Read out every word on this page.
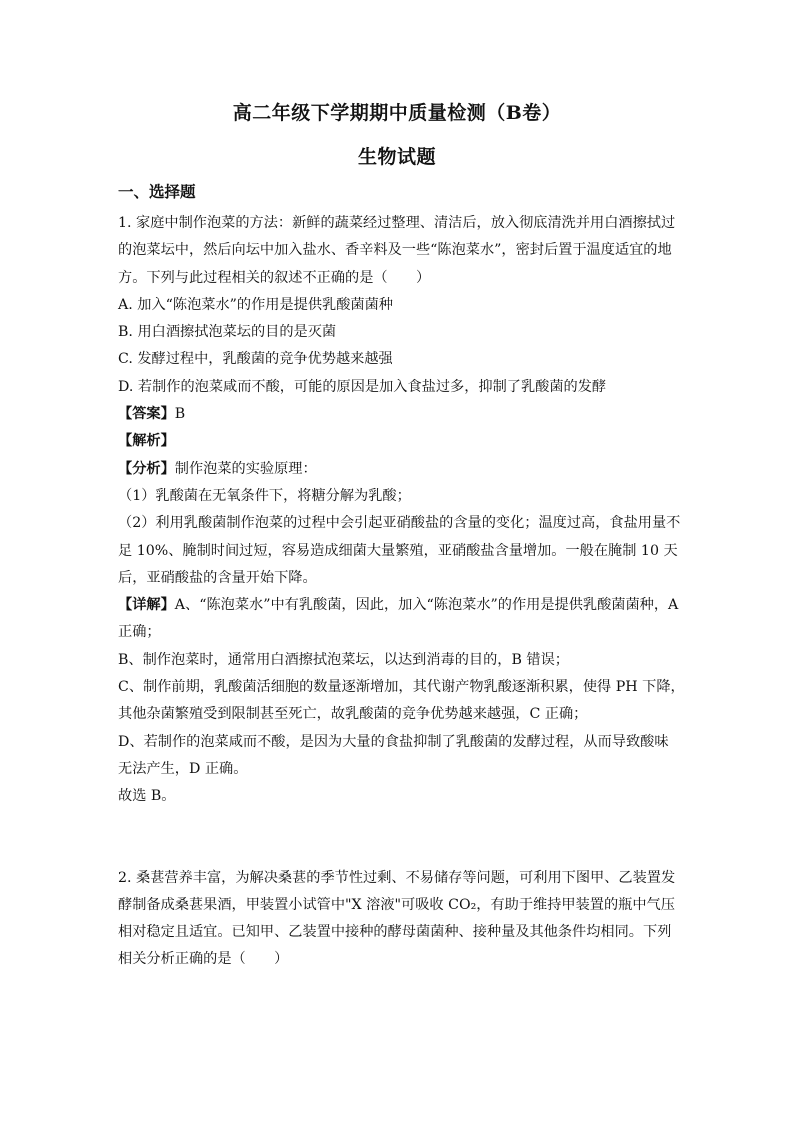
高二年级下学期期中质量检测（B卷）
生物试题
一、选择题

1. 家庭中制作泡菜的方法：新鲜的蔬菜经过整理、清洁后，放入彻底清洗并用白酒擦拭过

的泡菜坛中，然后向坛中加入盐水、香辛料及一些“陈泡菜水”，密封后置于温度适宜的地

方。下列与此过程相关的叙述不正确的是（　　）

A. 加入“陈泡菜水”的作用是提供乳酸菌菌种

B. 用白酒擦拭泡菜坛的目的是灭菌

C. 发酵过程中，乳酸菌的竞争优势越来越强

D. 若制作的泡菜咸而不酸，可能的原因是加入食盐过多，抑制了乳酸菌的发酵

【答案】B

【解析】

【分析】制作泡菜的实验原理：

（1）乳酸菌在无氧条件下，将糖分解为乳酸；

（2）利用乳酸菌制作泡菜的过程中会引起亚硝酸盐的含量的变化；温度过高，食盐用量不

足 10%、腌制时间过短，容易造成细菌大量繁殖，亚硝酸盐含量增加。一般在腌制 10 天

后，亚硝酸盐的含量开始下降。

【详解】A、“陈泡菜水”中有乳酸菌，因此，加入“陈泡菜水”的作用是提供乳酸菌菌种，A

正确；

B、制作泡菜时，通常用白酒擦拭泡菜坛，以达到消毒的目的，B 错误；

C、制作前期，乳酸菌活细胞的数量逐渐增加，其代谢产物乳酸逐渐积累，使得 PH 下降，

其他杂菌繁殖受到限制甚至死亡，故乳酸菌的竞争优势越来越强，C 正确；

D、若制作的泡菜咸而不酸，是因为大量的食盐抑制了乳酸菌的发酵过程，从而导致酸味

无法产生，D 正确。

故选 B。

2. 桑葚营养丰富，为解决桑葚的季节性过剩、不易储存等问题，可利用下图甲、乙装置发

酵制备成桑葚果酒，甲装置小试管中"X 溶液"可吸收 CO₂，有助于维持甲装置的瓶中气压

相对稳定且适宜。已知甲、乙装置中接种的酵母菌菌种、接种量及其他条件均相同。下列

相关分析正确的是（　　）
